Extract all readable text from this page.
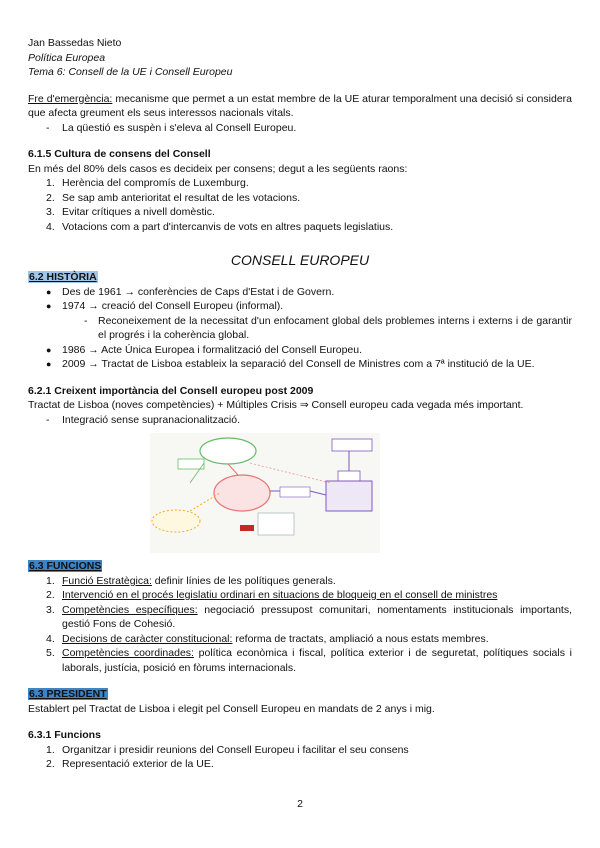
Jan Bassedas Nieto
Política Europea
Tema 6: Consell de la UE i Consell Europeu
Fre d'emergència: mecanisme que permet a un estat membre de la UE aturar temporalment una decisió si considera que afecta greument els seus interessos nacionals vitals.
- La qüestió es suspèn i s'eleva al Consell Europeu.
6.1.5 Cultura de consens del Consell
En més del 80% dels casos es decideix per consens; degut a les següents raons:
1. Herència del compromís de Luxemburg.
2. Se sap amb anterioritat el resultat de les votacions.
3. Evitar crítiques a nivell domèstic.
4. Votacions com a part d'intercanvis de vots en altres paquets legislatius.
CONSELL EUROPEU
6.2 HISTÒRIA
● Des de 1961 → conferències de Caps d'Estat i de Govern.
● 1974 → creació del Consell Europeu (informal).
- Reconeixement de la necessitat d'un enfocament global dels problemes interns i externs i de garantir el progrés i la coherència global.
● 1986 → Acte Única Europea i formalització del Consell Europeu.
● 2009 → Tractat de Lisboa estableix la separació del Consell de Ministres com a 7ª institució de la UE.
6.2.1 Creixent importància del Consell europeu post 2009
Tractat de Lisboa (noves competències) + Múltiples Crisis ⇒ Consell europeu cada vegada més important.
- Integració sense supranacionalització.
6.3 FUNCIONS
1. Funció Estratègica: definir línies de les polítiques generals.
2. Intervenció en el procés legislatiu ordinari en situacions de bloqueig en el consell de ministres
3. Competències específiques: negociació pressupost comunitari, nomentaments institucionals importants, gestió Fons de Cohesió.
4. Decisions de caràcter constitucional: reforma de tractats, ampliació a nous estats membres.
5. Competències coordinades: política econòmica i fiscal, política exterior i de seguretat, polítiques socials i laborals, justícia, posició en fòrums internacionals.
6.3 PRESIDENT
Establert pel Tractat de Lisboa i elegit pel Consell Europeu en mandats de 2 anys i mig.
6.3.1 Funcions
1. Organitzar i presidir reunions del Consell Europeu i facilitar el seu consens
2. Representació exterior de la UE.
2
